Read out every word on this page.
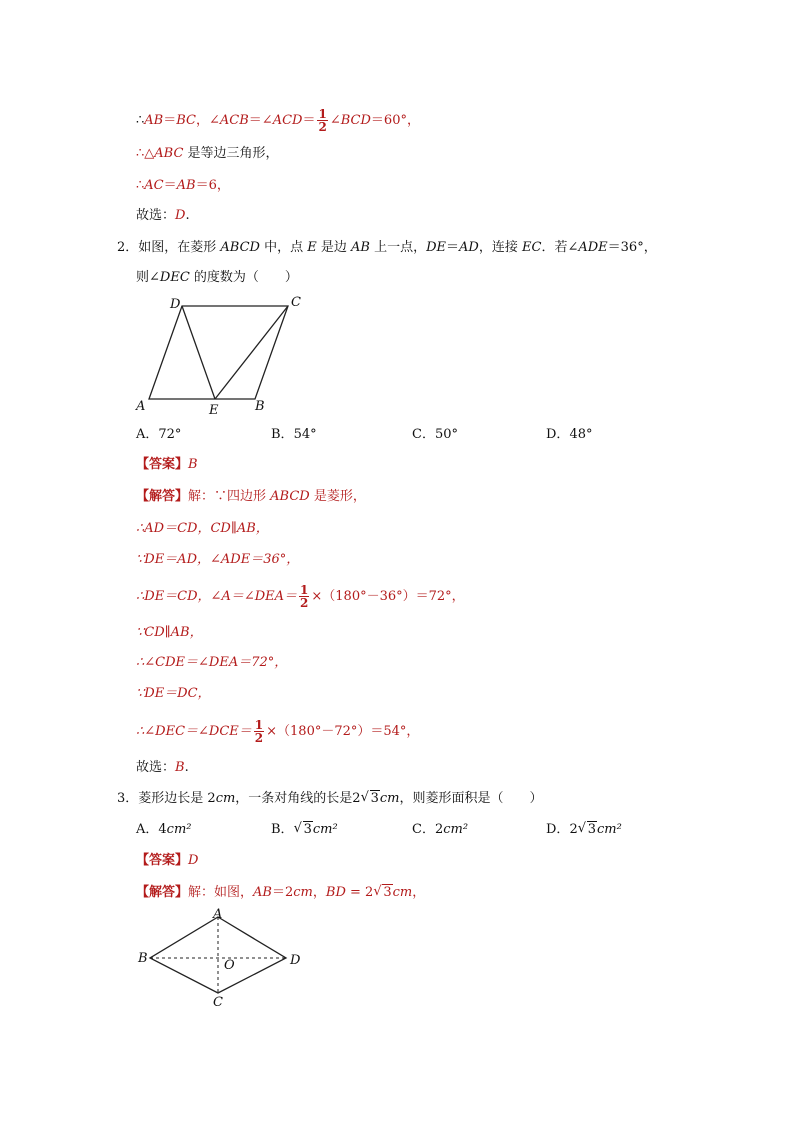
∴AB＝BC，∠ACB＝∠ACD＝ $\frac{1}{2}$ ∠BCD＝60°，
∴△ABC 是等边三角形，
∴AC＝AB＝6，
故选：D.
2．如图，在菱形 ABCD 中，点 E 是边 AB 上一点，DE＝AD，连接 EC．若∠ADE＝36°，
则∠DEC 的度数为（　　）
A
D	C
E	B
A．72°	B．54°	C．50°	D．48°
【答案】B
【解答】解：∵四边形 ABCD 是菱形，
∴AD＝CD，CD∥AB，
∵DE＝AD，∠ADE＝36°，
∴DE＝CD，∠A＝∠DEA＝ $\frac{1}{2} \times(180^\circ-36^\circ)=72^\circ$，
∵CD∥AB，
∴∠CDE＝∠DEA＝72°，
∵DE＝DC，
∴∠DEC＝∠DCE＝ $\frac{1}{2} \times(180^\circ-72^\circ)=54^\circ$，
故选：B.
3．菱形边长是 2cm，一条对角线的长是2 √ 3cm，则菱形面积是（　　）
A．4cm²	B． √ 3cm²	C．2cm²	D．2 √ 3cm²
【答案】D
【解答】解：如图，AB＝2cm，BD = 2 √ 3cm，
A
B	D
O
C
